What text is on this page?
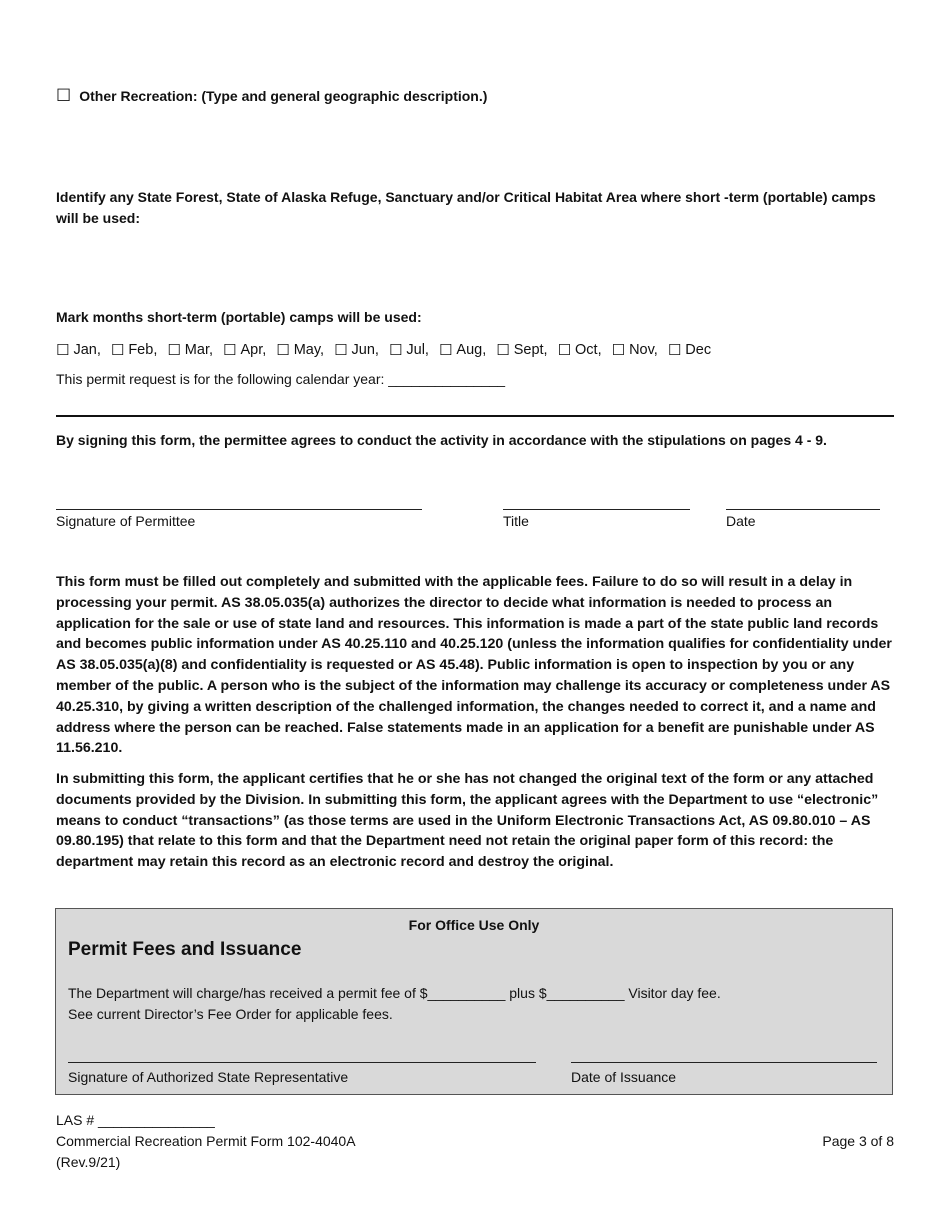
☐ Other Recreation: (Type and general geographic description.)
Identify any State Forest, State of Alaska Refuge, Sanctuary and/or Critical Habitat Area where short -term (portable) camps will be used:
Mark months short-term (portable) camps will be used:
☐ Jan, ☐ Feb, ☐ Mar, ☐ Apr, ☐ May, ☐ Jun, ☐ Jul, ☐ Aug, ☐ Sept, ☐ Oct, ☐ Nov, ☐ Dec
This permit request is for the following calendar year: _______________
By signing this form, the permittee agrees to conduct the activity in accordance with the stipulations on pages 4 - 9.
Signature of Permittee	Title	Date
This form must be filled out completely and submitted with the applicable fees. Failure to do so will result in a delay in processing your permit. AS 38.05.035(a) authorizes the director to decide what information is needed to process an application for the sale or use of state land and resources. This information is made a part of the state public land records and becomes public information under AS 40.25.110 and 40.25.120 (unless the information qualifies for confidentiality under AS 38.05.035(a)(8) and confidentiality is requested or AS 45.48). Public information is open to inspection by you or any member of the public. A person who is the subject of the information may challenge its accuracy or completeness under AS 40.25.310, by giving a written description of the challenged information, the changes needed to correct it, and a name and address where the person can be reached. False statements made in an application for a benefit are punishable under AS 11.56.210.
In submitting this form, the applicant certifies that he or she has not changed the original text of the form or any attached documents provided by the Division. In submitting this form, the applicant agrees with the Department to use “electronic” means to conduct “transactions” (as those terms are used in the Uniform Electronic Transactions Act, AS 09.80.010 – AS 09.80.195) that relate to this form and that the Department need not retain the original paper form of this record: the department may retain this record as an electronic record and destroy the original.
For Office Use Only
Permit Fees and Issuance
The Department will charge/has received a permit fee of $__________ plus $__________ Visitor day fee.
See current Director’s Fee Order for applicable fees.
Signature of Authorized State Representative	Date of Issuance
LAS # _______________
Commercial Recreation Permit Form 102-4040A
(Rev.9/21)
Page 3 of 8
